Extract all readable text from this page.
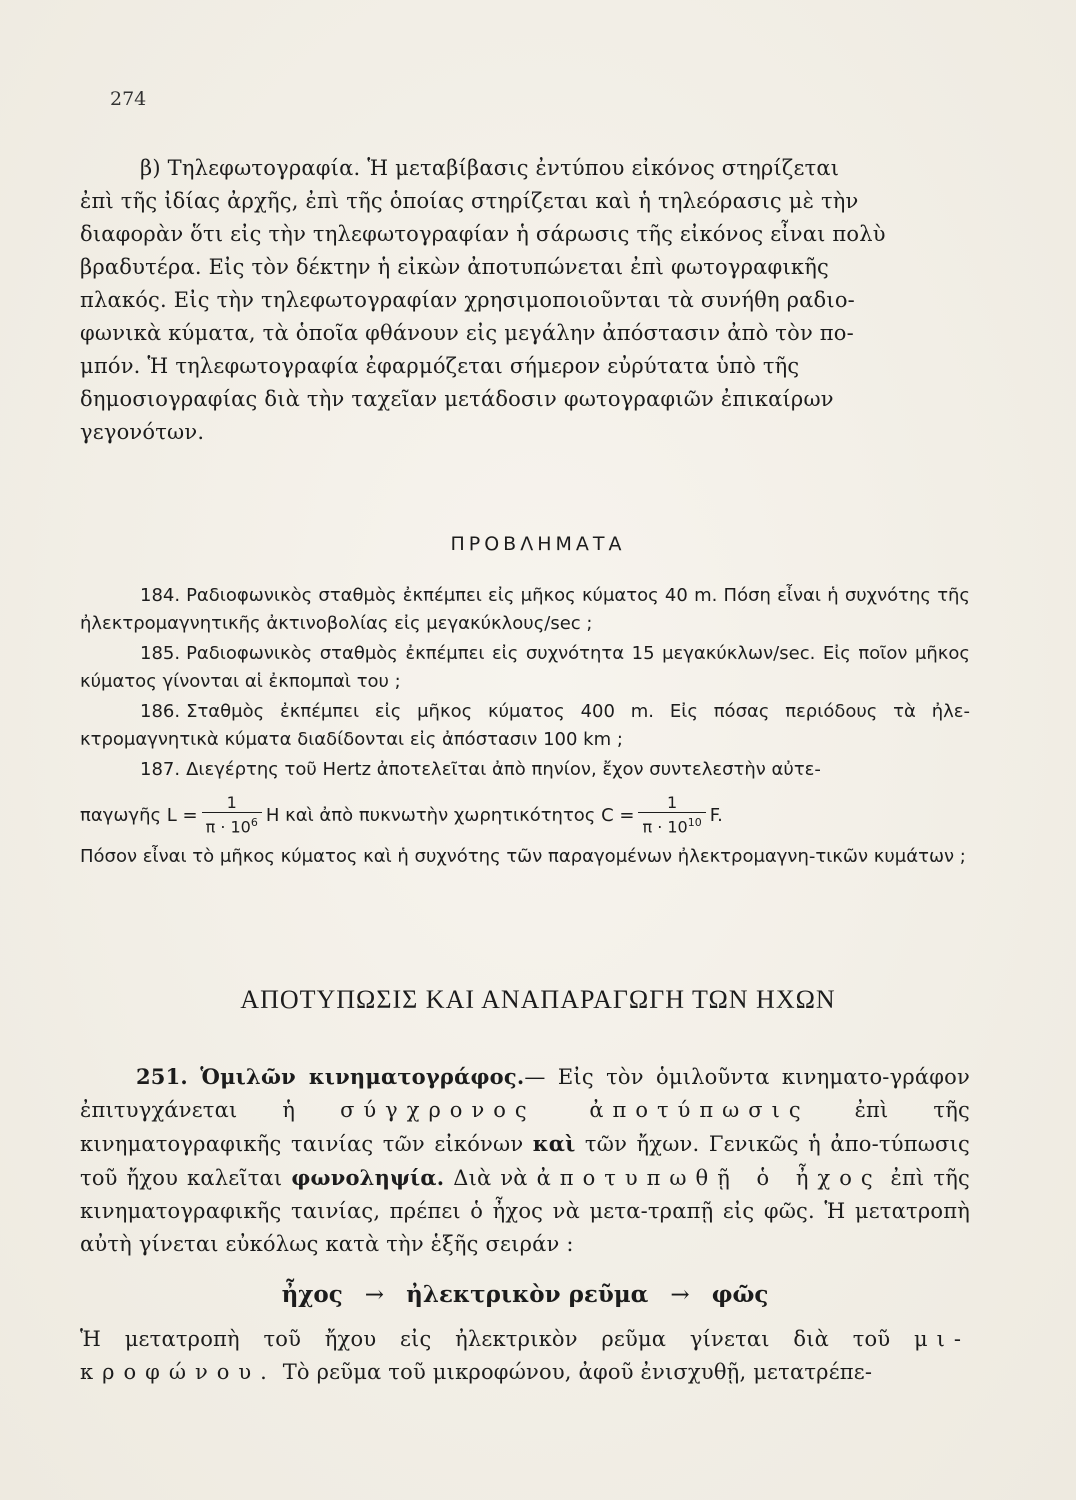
274

β) Τηλεφωτογραφία. Ἡ μεταβίβασις ἐντύπου εἰκόνος στηρίζεται

ἐπὶ τῆς ἰδίας ἀρχῆς, ἐπὶ τῆς ὁποίας στηρίζεται καὶ ἡ τηλεόρασις μὲ τὴν

διαφορὰν ὅτι εἰς τὴν τηλεφωτογραφίαν ἡ σάρωσις τῆς εἰκόνος εἶναι πολὺ

βραδυτέρα. Εἰς τὸν δέκτην ἡ εἰκὼν ἀποτυπώνεται ἐπὶ φωτογραφικῆς

πλακός. Εἰς τὴν τηλεφωτογραφίαν χρησιμοποιοῦνται τὰ συνήθη ραδιο-

φωνικὰ κύματα, τὰ ὁποῖα φθάνουν εἰς μεγάλην ἀπόστασιν ἀπὸ τὸν πο-

μπόν. Ἡ τηλεφωτογραφία ἐφαρμόζεται σήμερον εὐρύτατα ὑπὸ τῆς

δημοσιογραφίας διὰ τὴν ταχεῖαν μετάδοσιν φωτογραφιῶν ἐπικαίρων

γεγονότων.

ΠΡΟΒΛΗΜΑΤΑ

184. Ραδιοφωνικὸς σταθμὸς ἐκπέμπει εἰς μῆκος κύματος 40 m. Πόση εἶναι ἡ συχνότης τῆς ἠλεκτρομαγνητικῆς ἀκτινοβολίας εἰς μεγακύκλους/sec ;

185. Ραδιοφωνικὸς σταθμὸς ἐκπέμπει εἰς συχνότητα 15 μεγακύκλων/sec. Εἰς ποῖον μῆκος κύματος γίνονται αἱ ἐκπομπαὶ του ;

186. Σταθμὸς ἐκπέμπει εἰς μῆκος κύματος 400 m. Εἰς πόσας περιόδους τὰ ἠλε-κτρομαγνητικὰ κύματα διαδίδονται εἰς ἀπόστασιν 100 km ;

187. Διεγέρτης τοῦ Hertz ἀποτελεῖται ἀπὸ πηνίον, ἔχον συντελεστὴν αὐτε-

παγωγῆς $L = \frac{1}{\pi \cdot 10^6}$ H καὶ ἀπὸ πυκνωτὴν χωρητικότητος $C = \frac{1}{\pi \cdot 10^{10}} F$.

Πόσον εἶναι τὸ μῆκος κύματος καὶ ἡ συχνότης τῶν παραγομένων ἠλεκτρομαγνη-τικῶν κυμάτων ;

ΑΠΟΤΥΠΩΣΙΣ ΚΑΙ ΑΝΑΠΑΡΑΓΩΓΗ ΤΩΝ ΗΧΩΝ

251. Ὁμιλῶν κινηματογράφος.— Εἰς τὸν ὁμιλοῦντα κινηματο-γράφον ἐπιτυγχάνεται ἡ σύγχρονος ἀποτύπωσις ἐπὶ τῆς κινηματογραφικῆς ταινίας τῶν εἰκόνων καὶ τῶν ἤχων. Γενικῶς ἡ ἀπο-τύπωσις τοῦ ἤχου καλεῖται φωνοληψία. Διὰ νὰ ἀποτυπωθῇ ὁ ἦχος ἐπὶ τῆς κινηματογραφικῆς ταινίας, πρέπει ὁ ἦχος νὰ μετα-τραπῇ εἰς φῶς. Ἡ μετατροπὴ αὐτὴ γίνεται εὐκόλως κατὰ τὴν ἑξῆς σειράν :

ἦχος → ἠλεκτρικὸν ρεῦμα → φῶς

Ἡ μετατροπὴ τοῦ ἤχου εἰς ἠλεκτρικὸν ρεῦμα γίνεται διὰ τοῦ μι-κροφώνου. Τὸ ρεῦμα τοῦ μικροφώνου, ἀφοῦ ἐνισχυθῇ, μετατρέπε-
